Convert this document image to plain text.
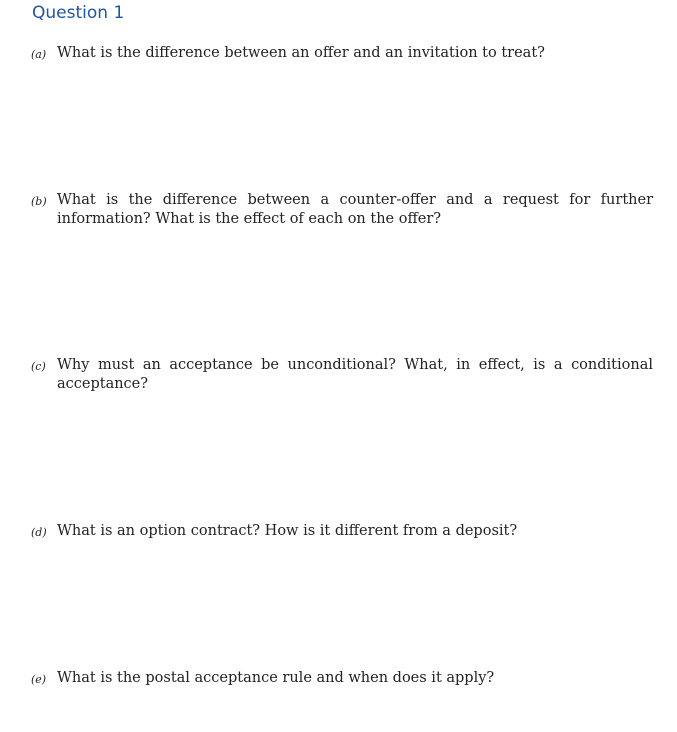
Question 1
(a) What is the difference between an offer and an invitation to treat?
(b) What is the difference between a counter-offer and a request for further information? What is the effect of each on the offer?
(c) Why must an acceptance be unconditional? What, in effect, is a conditional acceptance?
(d) What is an option contract? How is it different from a deposit?
(e) What is the postal acceptance rule and when does it apply?
